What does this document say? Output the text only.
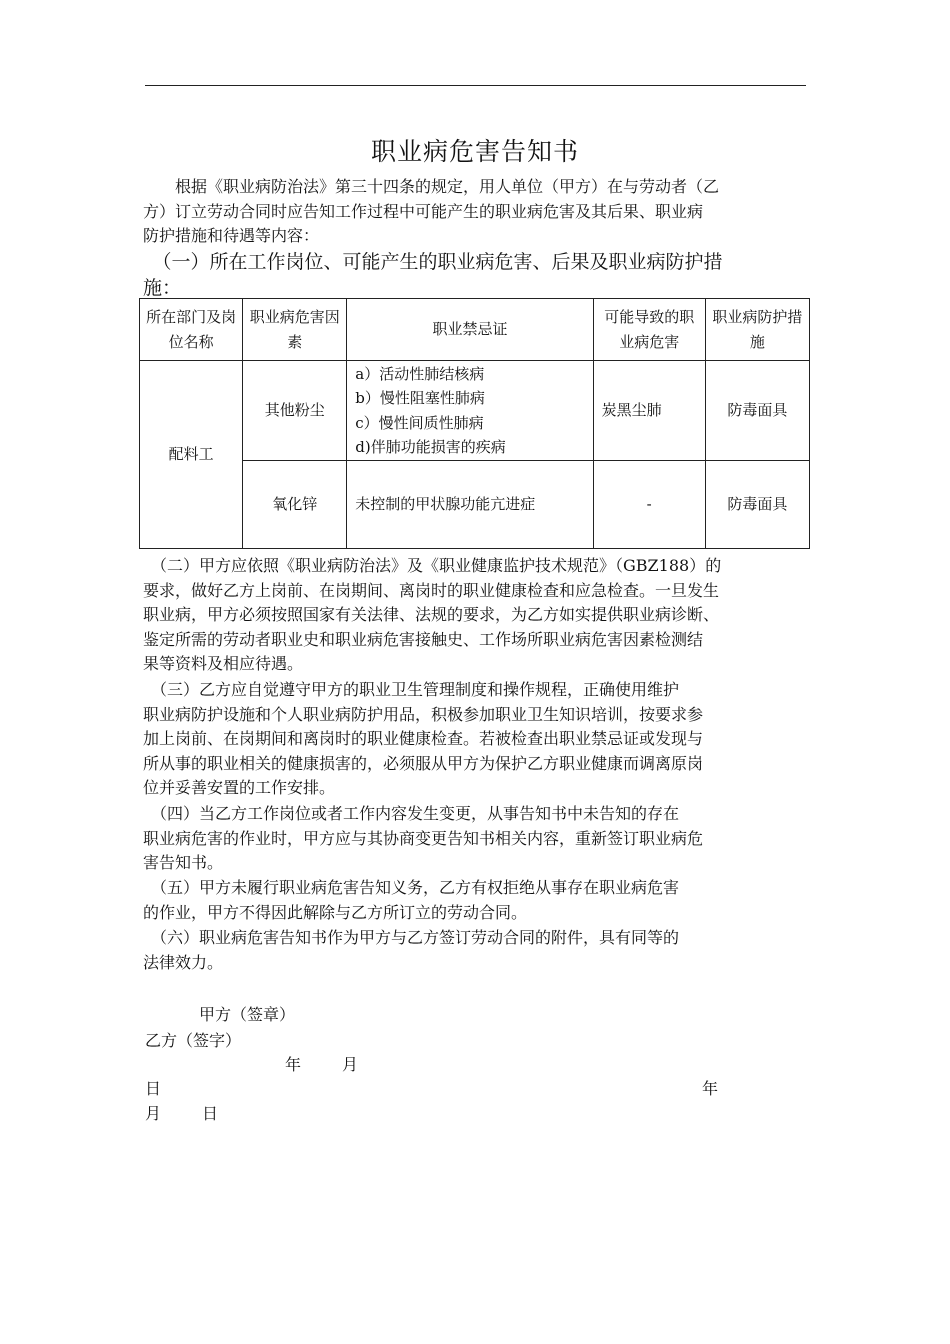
职业病危害告知书
　　根据《职业病防治法》第三十四条的规定，用人单位（甲方）在与劳动者（乙
方）订立劳动合同时应告知工作过程中可能产生的职业病危害及其后果、职业病
防护措施和待遇等内容：
　（一）所在工作岗位、可能产生的职业病危害、后果及职业病防护措
施：
所在部门及岗位名称	职业病危害因素	职业禁忌证	可能导致的职业病危害	职业病防护措施
配料工	其他粉尘	a）活动性肺结核病
b）慢性阻塞性肺病
c）慢性间质性肺病
d)伴肺功能损害的疾病	炭黑尘肺	防毒面具
	氧化锌	未控制的甲状腺功能亢进症	-	防毒面具
　（二）甲方应依照《职业病防治法》及《职业健康监护技术规范》（GBZ188）的
要求，做好乙方上岗前、在岗期间、离岗时的职业健康检查和应急检查。一旦发生
职业病，甲方必须按照国家有关法律、法规的要求，为乙方如实提供职业病诊断、
鉴定所需的劳动者职业史和职业病危害接触史、工作场所职业病危害因素检测结
果等资料及相应待遇。
　（三）乙方应自觉遵守甲方的职业卫生管理制度和操作规程，正确使用维护
职业病防护设施和个人职业病防护用品，积极参加职业卫生知识培训，按要求参
加上岗前、在岗期间和离岗时的职业健康检查。若被检查出职业禁忌证或发现与
所从事的职业相关的健康损害的，必须服从甲方为保护乙方职业健康而调离原岗
位并妥善安置的工作安排。
　（四）当乙方工作岗位或者工作内容发生变更，从事告知书中未告知的存在
职业病危害的作业时，甲方应与其协商变更告知书相关内容，重新签订职业病危
害告知书。
　（五）甲方未履行职业病危害告知义务，乙方有权拒绝从事存在职业病危害
的作业，甲方不得因此解除与乙方所订立的劳动合同。
　（六）职业病危害告知书作为甲方与乙方签订劳动合同的附件，具有同等的
法律效力。
甲方（签章）
乙方（签字）
年	月
日	年
月	日
